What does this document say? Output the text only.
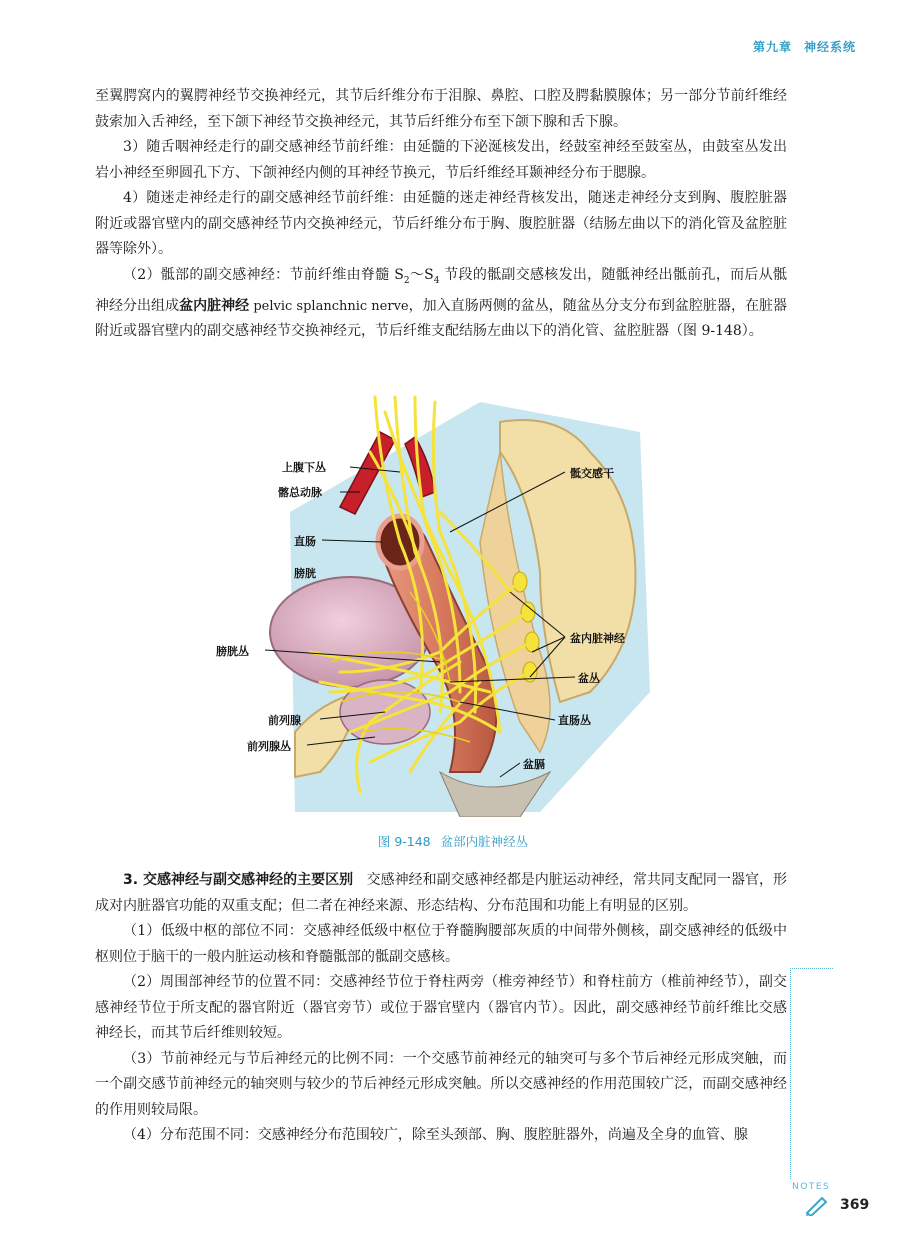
第九章 神经系统

至翼腭窝内的翼腭神经节交换神经元，其节后纤维分布于泪腺、鼻腔、口腔及腭黏膜腺体；另一部分节前纤维经鼓索加入舌神经，至下颌下神经节交换神经元，其节后纤维分布至下颌下腺和舌下腺。

3）随舌咽神经走行的副交感神经节前纤维：由延髓的下泌涎核发出，经鼓室神经至鼓室丛，由鼓室丛发出岩小神经至卵圆孔下方、下颌神经内侧的耳神经节换元，节后纤维经耳颞神经分布于腮腺。

4）随迷走神经走行的副交感神经节前纤维：由延髓的迷走神经背核发出，随迷走神经分支到胸、腹腔脏器附近或器官壁内的副交感神经节内交换神经元，节后纤维分布于胸、腹腔脏器（结肠左曲以下的消化管及盆腔脏器等除外）。

（2）骶部的副交感神经：节前纤维由脊髓 $S_2\sim S_4$ 节段的骶副交感核发出，随骶神经出骶前孔，而后从骶神经分出组成盆内脏神经 pelvic splanchnic nerve，加入直肠两侧的盆丛，随盆丛分支分布到盆腔脏器，在脏器附近或器官壁内的副交感神经节交换神经元，节后纤维支配结肠左曲以下的消化管、盆腔脏器（图 9-148）。

上腹下丛
髂总动脉
直肠
膀胱
膀胱丛
前列腺
前列腺丛
骶交感干
盆内脏神经
盆丛
直肠丛
盆膈
图 9-148 盆部内脏神经丛

3. 交感神经与副交感神经的主要区别 交感神经和副交感神经都是内脏运动神经，常共同支配同一器官，形成对内脏器官功能的双重支配；但二者在神经来源、形态结构、分布范围和功能上有明显的区别。

（1）低级中枢的部位不同：交感神经低级中枢位于脊髓胸腰部灰质的中间带外侧核，副交感神经的低级中枢则位于脑干的一般内脏运动核和脊髓骶部的骶副交感核。

（2）周围部神经节的位置不同：交感神经节位于脊柱两旁（椎旁神经节）和脊柱前方（椎前神经节），副交感神经节位于所支配的器官附近（器官旁节）或位于器官壁内（器官内节）。因此，副交感神经节前纤维比交感神经长，而其节后纤维则较短。

（3）节前神经元与节后神经元的比例不同：一个交感节前神经元的轴突可与多个节后神经元形成突触，而一个副交感节前神经元的轴突则与较少的节后神经元形成突触。所以交感神经的作用范围较广泛，而副交感神经的作用则较局限。

（4）分布范围不同：交感神经分布范围较广，除至头颈部、胸、腹腔脏器外，尚遍及全身的血管、腺

NOTES
369
